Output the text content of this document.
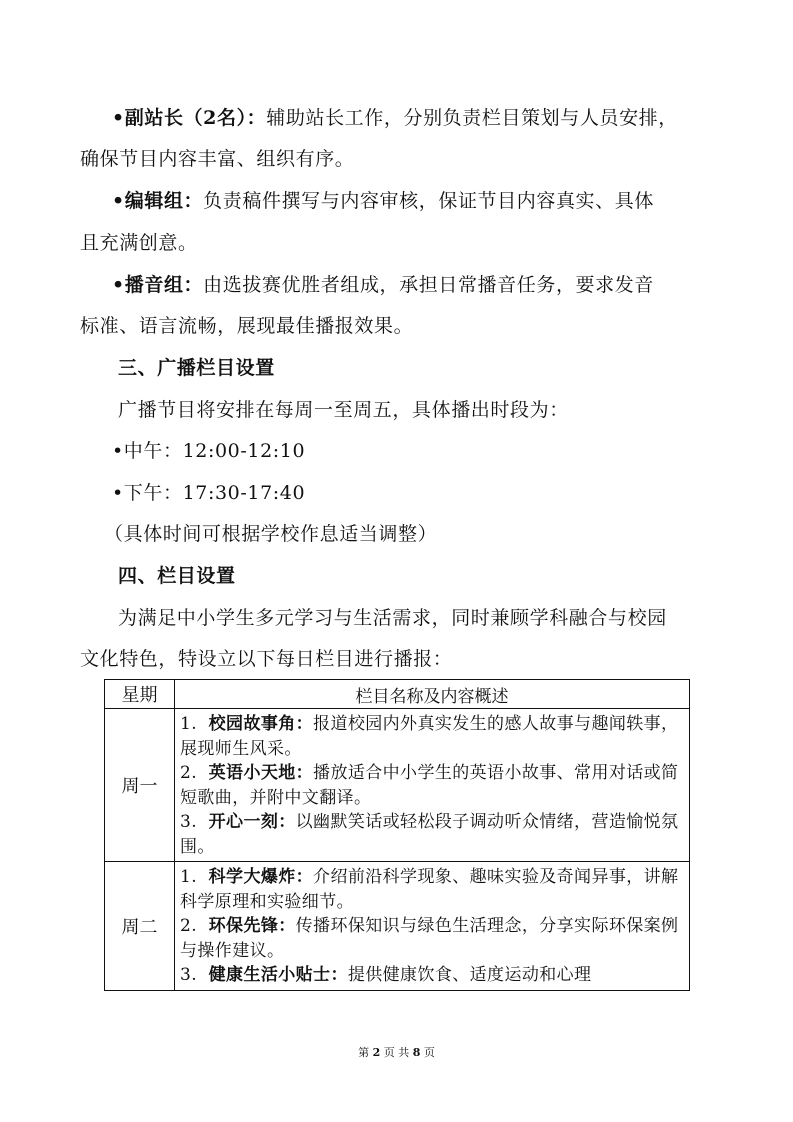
•副站长（2名）：辅助站长工作，分别负责栏目策划与人员安排，
确保节目内容丰富、组织有序。
•编辑组：负责稿件撰写与内容审核，保证节目内容真实、具体
且充满创意。
•播音组：由选拔赛优胜者组成，承担日常播音任务，要求发音
标准、语言流畅，展现最佳播报效果。
三、广播栏目设置
广播节目将安排在每周一至周五，具体播出时段为：
•中午：12:00-12:10
•下午：17:30-17:40
（具体时间可根据学校作息适当调整）
四、栏目设置
为满足中小学生多元学习与生活需求，同时兼顾学科融合与校园
文化特色，特设立以下每日栏目进行播报：
星期	栏目名称及内容概述
周一	1. 校园故事角：报道校园内外真实发生的感人故事与趣闻轶事，展现师生风采。
2. 英语小天地：播放适合中小学生的英语小故事、常用对话或简短歌曲，并附中文翻译。
3. 开心一刻：以幽默笑话或轻松段子调动听众情绪，营造愉悦氛围。

周二	1. 科学大爆炸：介绍前沿科学现象、趣味实验及奇闻异事，讲解科学原理和实验细节。
2. 环保先锋：传播环保知识与绿色生活理念，分享实际环保案例与操作建议。
3. 健康生活小贴士：提供健康饮食、适度运动和心理
第 2 页 共 8 页
